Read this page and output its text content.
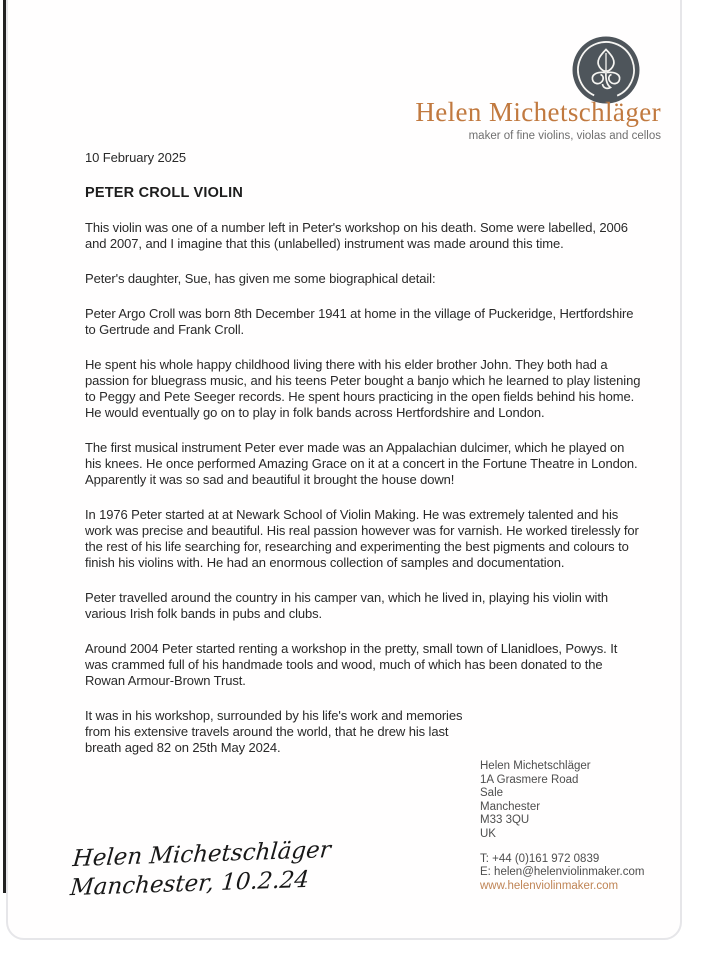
Helen Michetschläger
maker of fine violins, violas and cellos
10 February 2025
PETER CROLL VIOLIN

This violin was one of a number left in Peter's workshop on his death. Some were labelled, 2006 and 2007, and I imagine that this (unlabelled) instrument was made around this time.

Peter's daughter, Sue, has given me some biographical detail:

Peter Argo Croll was born 8th December 1941 at home in the village of Puckeridge, Hertfordshire to Gertrude and Frank Croll.

He spent his whole happy childhood living there with his elder brother John. They both had a passion for bluegrass music, and his teens Peter bought a banjo which he learned to play listening to Peggy and Pete Seeger records. He spent hours practicing in the open fields behind his home. He would eventually go on to play in folk bands across Hertfordshire and London.

The first musical instrument Peter ever made was an Appalachian dulcimer, which he played on his knees. He once performed Amazing Grace on it at a concert in the Fortune Theatre in London. Apparently it was so sad and beautiful it brought the house down!

In 1976 Peter started at at Newark School of Violin Making. He was extremely talented and his work was precise and beautiful. His real passion however was for varnish. He worked tirelessly for the rest of his life searching for, researching and experimenting the best pigments and colours to finish his violins with. He had an enormous collection of samples and documentation.

Peter travelled around the country in his camper van, which he lived in, playing his violin with various Irish folk bands in pubs and clubs.

Around 2004 Peter started renting a workshop in the pretty, small town of Llanidloes, Powys. It was crammed full of his handmade tools and wood, much of which has been donated to the Rowan Armour-Brown Trust.

It was in his workshop, surrounded by his life's work and memories from his extensive travels around the world, that he drew his last breath aged 82 on 25th May 2024.

Helen Michetschläger
1A Grasmere Road
Sale
Manchester
M33 3QU
UK
T: +44 (0)161 972 0839
E: helen@helenviolinmaker.com
www.helenviolinmaker.com
Helen Michetschläger
Manchester, 10.2.24
